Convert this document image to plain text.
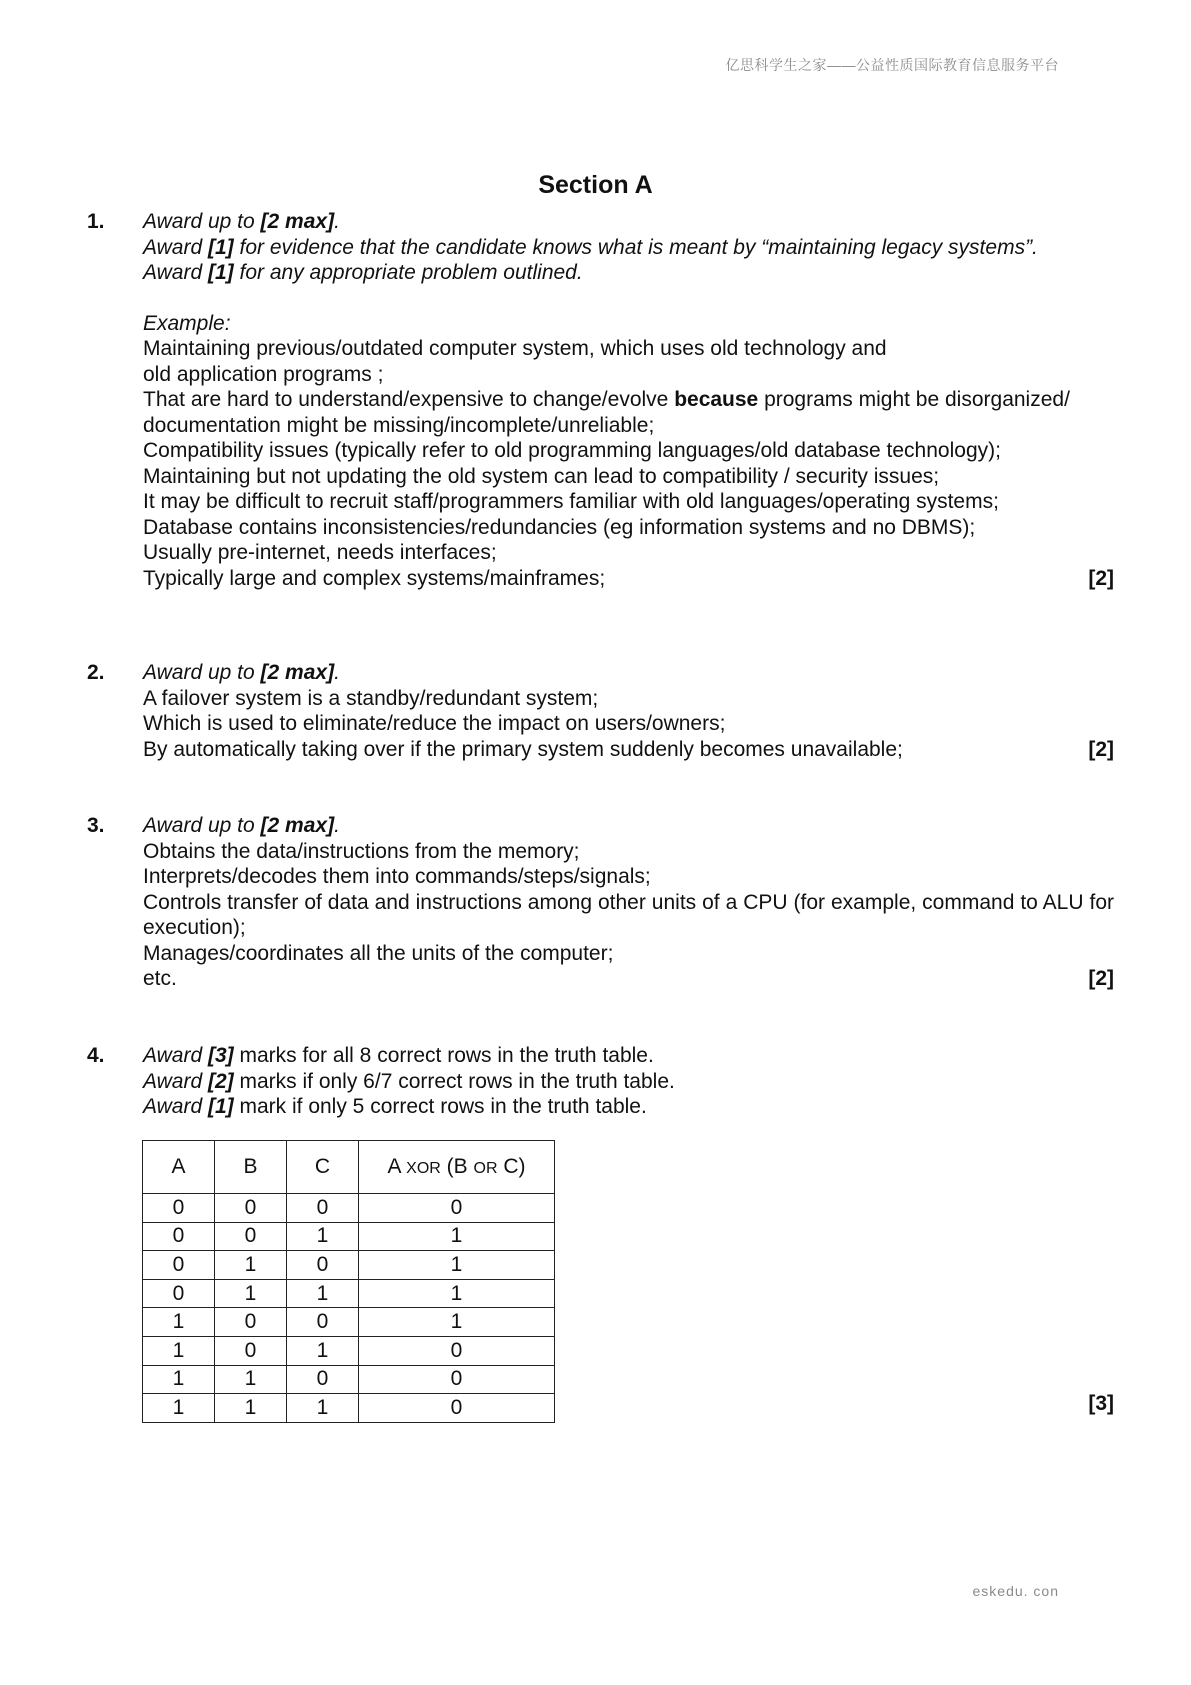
亿思科学生之家——公益性质国际教育信息服务平台
Section A
1. Award up to [2 max].
Award [1] for evidence that the candidate knows what is meant by “maintaining legacy systems”.
Award [1] for any appropriate problem outlined.
Example:
Maintaining previous/outdated computer system, which uses old technology and
old application programs ;
That are hard to understand/expensive to change/evolve because programs might be disorganized/
documentation might be missing/incomplete/unreliable;
Compatibility issues (typically refer to old programming languages/old database technology);
Maintaining but not updating the old system can lead to compatibility / security issues;
It may be difficult to recruit staff/programmers familiar with old languages/operating systems;
Database contains inconsistencies/redundancies (eg information systems and no DBMS);
Usually pre-internet, needs interfaces;
Typically large and complex systems/mainframes;	[2]
2. Award up to [2 max].
A failover system is a standby/redundant system;
Which is used to eliminate/reduce the impact on users/owners;
By automatically taking over if the primary system suddenly becomes unavailable;	[2]
3. Award up to [2 max].
Obtains the data/instructions from the memory;
Interprets/decodes them into commands/steps/signals;
Controls transfer of data and instructions among other units of a CPU (for example, command to ALU for execution);
Manages/coordinates all the units of the computer;
etc.	[2]
4. Award [3] marks for all 8 correct rows in the truth table.
Award [2] marks if only 6/7 correct rows in the truth table.
Award [1] mark if only 5 correct rows in the truth table.
A	B	C	A XOR (B OR C)
0	0	0	0
0	0	1	1
0	1	0	1
0	1	1	1
1	0	0	1
1	0	1	0
1	1	0	0
1	1	1	0	[3]
eskedu. con
